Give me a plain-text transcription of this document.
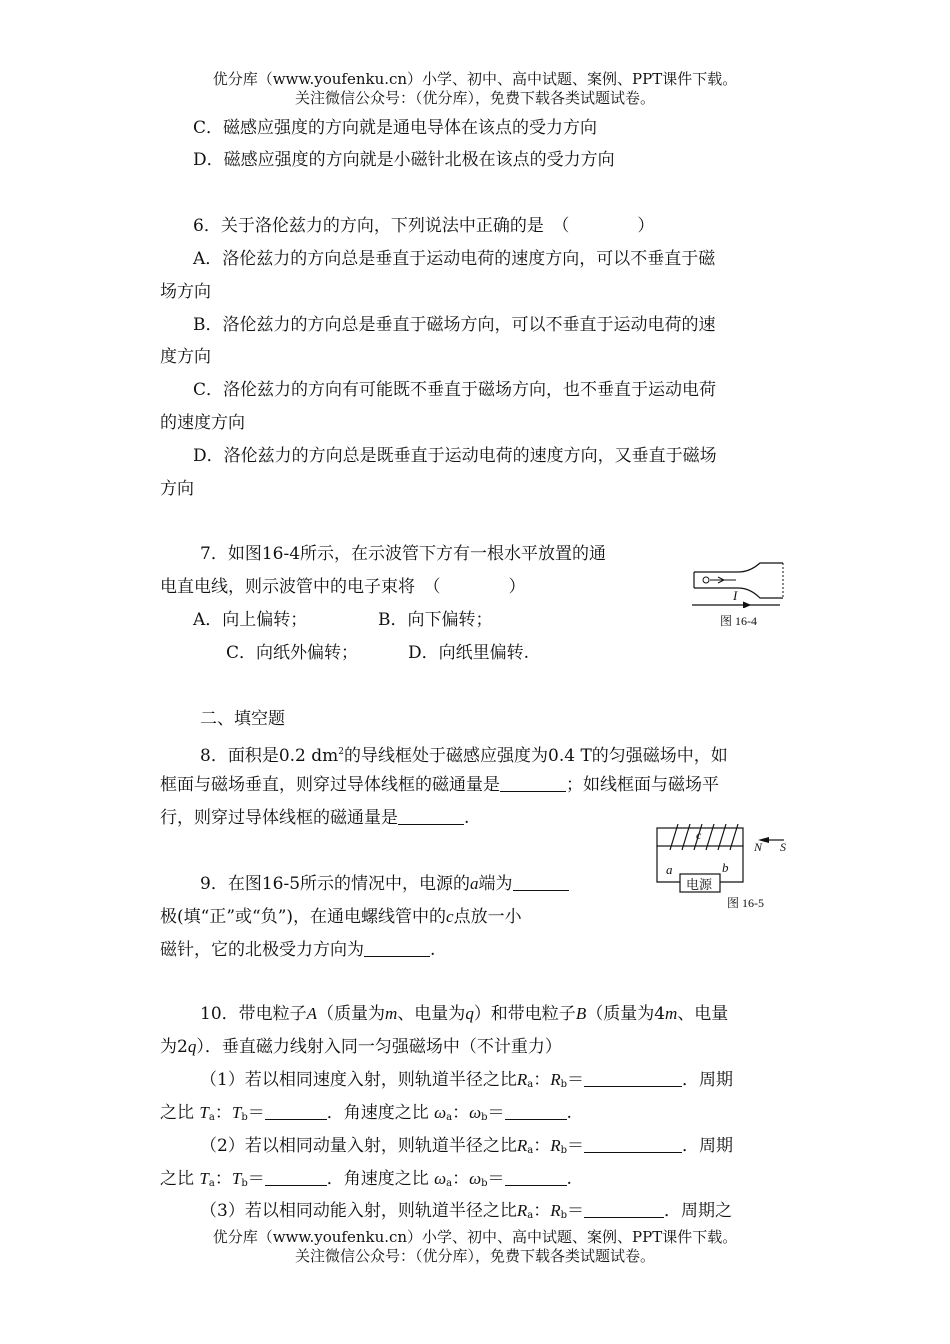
优分库（www.youfenku.cn）小学、初中、高中试题、案例、PPT课件下载。
关注微信公众号：（优分库），免费下载各类试题试卷。
C．磁感应强度的方向就是通电导体在该点的受力方向
D．磁感应强度的方向就是小磁针北极在该点的受力方向
6．关于洛伦兹力的方向，下列说法中正确的是　（　　　　）
A．洛伦兹力的方向总是垂直于运动电荷的速度方向，可以不垂直于磁
场方向
B．洛伦兹力的方向总是垂直于磁场方向，可以不垂直于运动电荷的速
度方向
C．洛伦兹力的方向有可能既不垂直于磁场方向，也不垂直于运动电荷
的速度方向
D．洛伦兹力的方向总是既垂直于运动电荷的速度方向，又垂直于磁场
方向
7．如图16-4所示，在示波管下方有一根水平放置的通
电直电线，则示波管中的电子束将　（　　　　）
A．向上偏转；	B．向下偏转；
C．向纸外偏转；	D．向纸里偏转.
I
图 16-4
二、填空题
8．面积是0.2 $dm^2$的导线框处于磁感应强度为0.4 T的匀强磁场中，如
框面与磁场垂直，则穿过导体线框的磁通量是	；如线框面与磁场平
行，则穿过导体线框的磁通量是	.
9．在图16-5所示的情况中，电源的a端为
极(填“正”或“负”)，在通电螺线管中的c点放一小
磁针，它的北极受力方向为	.
c
a	b
电源
N S
图 16-5
10．带电粒子A（质量为m、电量为q）和带电粒子B（质量为4m、电量
为2q）．垂直磁力线射入同一匀强磁场中（不计重力）
（1）若以相同速度入射，则轨道半径之比$R_a$：$R_b=$	．周期
之比 $T_a$：$T_b=$	．角速度之比 $\omega_a$：$\omega_b=$	.
（2）若以相同动量入射，则轨道半径之比$R_a$：$R_b=$	．周期
之比 $T_a$：$T_b=$	．角速度之比 $\omega_a$：$\omega_b=$	.
（3）若以相同动能入射，则轨道半径之比$R_a$：$R_b=$	．周期之
优分库（www.youfenku.cn）小学、初中、高中试题、案例、PPT课件下载。
关注微信公众号：（优分库），免费下载各类试题试卷。
